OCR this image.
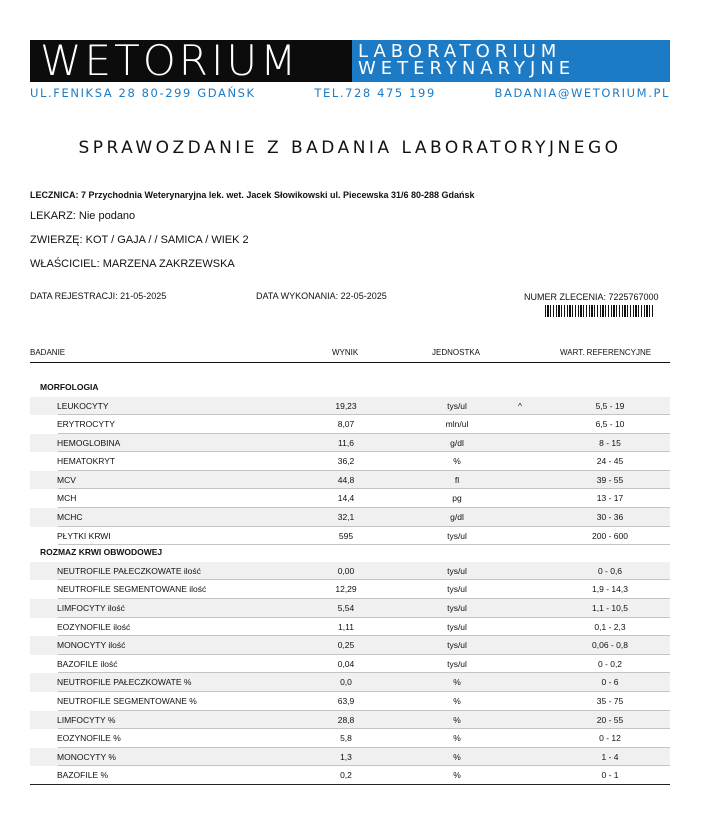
WETORIUM	LABORATORIUM
WETERYNARYJNE
UL.FENIKSA 28 80-299 GDAŃSK	TEL.728 475 199	BADANIA@WETORIUM.PL
SPRAWOZDANIE Z BADANIA LABORATORYJNEGO
LECZNICA: 7 Przychodnia Weterynaryjna lek. wet. Jacek Słowikowski ul. Piecewska 31/6 80-288 Gdańsk
LEKARZ: Nie podano
ZWIERZĘ: KOT / GAJA / / SAMICA / WIEK 2
WŁAŚCICIEL: MARZENA ZAKRZEWSKA
DATA REJESTRACJI: 21-05-2025	DATA WYKONANIA: 22-05-2025	NUMER ZLECENIA: 7225767000
BADANIE	WYNIK	JEDNOSTKA	WART. REFERENCYJNE
MORFOLOGIA
LEUKOCYTY	19,23	tys/ul	^	5,5 - 19
ERYTROCYTY	8,07	mln/ul	6,5 - 10
HEMOGLOBINA	11,6	g/dl	8 - 15
HEMATOKRYT	36,2	%	24 - 45
MCV	44,8	fl	39 - 55
MCH	14,4	pg	13 - 17
MCHC	32,1	g/dl	30 - 36
PŁYTKI KRWI	595	tys/ul	200 - 600
ROZMAZ KRWI OBWODOWEJ
NEUTROFILE PAŁECZKOWATE ilość	0,00	tys/ul	0 - 0,6
NEUTROFILE SEGMENTOWANE ilość	12,29	tys/ul	1,9 - 14,3
LIMFOCYTY ilość	5,54	tys/ul	1,1 - 10,5
EOZYNOFILE ilość	1,11	tys/ul	0,1 - 2,3
MONOCYTY ilość	0,25	tys/ul	0,06 - 0,8
BAZOFILE ilość	0,04	tys/ul	0 - 0,2
NEUTROFILE PAŁECZKOWATE %	0,0	%	0 - 6
NEUTROFILE SEGMENTOWANE %	63,9	%	35 - 75
LIMFOCYTY %	28,8	%	20 - 55
EOZYNOFILE %	5,8	%	0 - 12
MONOCYTY %	1,3	%	1 - 4
BAZOFILE %	0,2	%	0 - 1
